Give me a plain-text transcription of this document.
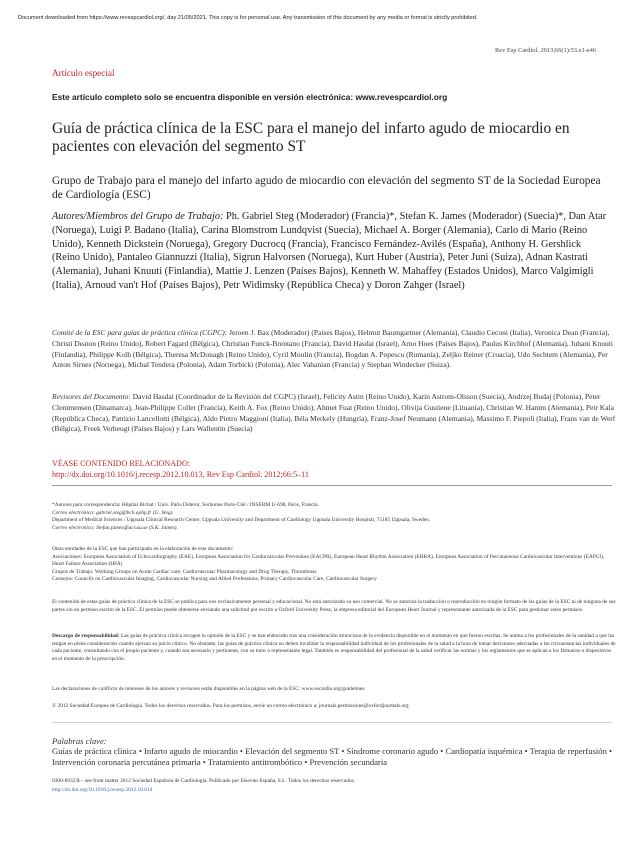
Document downloaded from https://www.revespcardiol.org/, day 21/05/2021. This copy is for personal use. Any transmission of this document by any media or format is strictly prohibited.
Rev Esp Cardiol. 2013;66(1):53.e1-e46
Artículo especial
Este artículo completo solo se encuentra disponible en versión electrónica: www.revespcardiol.org
Guía de práctica clínica de la ESC para el manejo del infarto agudo de miocardio en pacientes con elevación del segmento ST
Grupo de Trabajo para el manejo del infarto agudo de miocardio con elevación del segmento ST de la Sociedad Europea de Cardiología (ESC)
Autores/Miembros del Grupo de Trabajo: Ph. Gabriel Steg (Moderador) (Francia)*, Stefan K. James (Moderador) (Suecia)*, Dan Atar (Noruega), Luigi P. Badano (Italia), Carina Blomstrom Lundqvist (Suecia), Michael A. Borger (Alemania), Carlo di Mario (Reino Unido), Kenneth Dickstein (Noruega), Gregory Ducrocq (Francia), Francisco Fernández-Avilés (España), Anthony H. Gershlick (Reino Unido), Pantaleo Giannuzzi (Italia), Sigrun Halvorsen (Noruega), Kurt Huber (Austria), Peter Juni (Suiza), Adnan Kastrati (Alemania), Juhani Knuuti (Finlandia), Mattie J. Lenzen (Países Bajos), Kenneth W. Mahaffey (Estados Unidos), Marco Valgimigli (Italia), Arnoud van't Hof (Países Bajos), Petr Widimsky (República Checa) y Doron Zahger (Israel)
Comité de la ESC para guías de práctica clínica (CGPC): Jeroen J. Bax (Moderador) (Países Bajos), Helmut Baumgartner (Alemania), Claudio Ceconi (Italia), Veronica Dean (Francia), Christi Deaton (Reino Unido), Robert Fagard (Bélgica), Christian Funck-Brentano (Francia), David Hasdai (Israel), Arno Hoes (Países Bajos), Paulus Kirchhof (Alemania), Juhani Knuuti (Finlandia), Philippe Kolh (Bélgica), Theresa McDonagh (Reino Unido), Cyril Moulin (Francia), Bogdan A. Popescu (Rumanía), Zeljko Reiner (Croacia), Udo Sechtem (Alemania), Per Anton Sirnes (Noruega), Michal Tendera (Polonia), Adam Torbicki (Polonia), Alec Vahanian (Francia) y Stephan Windecker (Suiza).
Revisores del Documento: David Hasdai (Coordinador de la Revisión del CGPC) (Israel), Felicity Astin (Reino Unido), Karin Astrom-Olsson (Suecia), Andrzej Budaj (Polonia), Peter Clemmensen (Dinamarca), Jean-Philippe Collet (Francia), Keith A. Fox (Reino Unido), Ahmet Fuat (Reino Unido), Olivija Gustiene (Lituania), Christian W. Hamm (Alemania), Petr Kala (República Checa), Patrizio Lancellotti (Bélgica), Aldo Pietro Maggioni (Italia), Béla Merkely (Hungría), Franz-Josef Neumann (Alemania), Massimo F. Piepoli (Italia), Frans van de Werf (Bélgica), Freek Verheugt (Países Bajos) y Lars Wallentin (Suecia)
VÉASE CONTENIDO RELACIONADO:
http://dx.doi.org/10.1016/j.recesp.2012.10.013, Rev Esp Cardiol. 2012;66:5–11
*Autores para correspondencia: Hôpital Bichat / Univ. Paris Diderot, Sorbonne Paris-Cité / INSERM U-698, Paris, Francia.
Correo electrónico: gabriel.steg@bch.aphp.fr (G. Steg).
Department of Medical Sciences / Uppsala Clinical Research Center, Uppsala University and Department of Cardiology Uppsala University Hospital, 75185 Uppsala, Sweden.
Correo electrónico: Stefan.james@ucr.uu.se (S.K. James).
Otras entidades de la ESC que han participado en la elaboración de este documento:
Asociaciones: European Association of Echocardiography (EAE), European Association for Cardiovascular Prevention (EACPR), European Heart Rhythm Association (EHRA), European Association of Percutaneous Cardiovascular Interventions (EAPCI), Heart Failure Association (HFA)
Grupos de Trabajo: Working Groups on Acute Cardiac care, Cardiovascular Pharmacology and Drug Therapy, Thrombosis
Consejos: Councils on Cardiovascular Imaging, Cardiovascular Nursing and Allied Professions, Primary Cardiovascular Care, Cardiovascular Surgery
El contenido de estas guías de práctica clínica de la ESC se publica para uso exclusivamente personal y educacional. No está autorizado su uso comercial. No se autoriza la traducción o reproducción en ningún formato de las guías de la ESC ni de ninguna de sus partes sin un permiso escrito de la ESC. El permiso puede obtenerse enviando una solicitud por escrito a Oxford University Press, la empresa editorial del European Heart Journal y representante autorizada de la ESC para gestionar estos permisos
Descargo de responsabilidad: Las guías de práctica clínica recogen la opinión de la ESC y se han elaborado tras una consideración minuciosa de la evidencia disponible en el momento en que fueron escritas. Se anima a los profesionales de la sanidad a que las tengan en plena consideración cuando ejerzan su juicio clínico. No obstante, las guías de práctica clínica no deben invalidar la responsabilidad individual de los profesionales de la salud a la hora de tomar decisiones adecuadas a las circunstancias individuales de cada paciente, consultando con el propio paciente y, cuando sea necesario y pertinente, con su tutor o representante legal. También es responsabilidad del profesional de la salud verificar las normas y los reglamentos que se aplican a los fármacos o dispositivos en el momento de la prescripción.
Las declaraciones de conflicto de intereses de los autores y revisores están disponibles en la página web de la ESC: www.escardio.org/guidelines
© 2012 Sociedad Europea de Cardiología. Todos los derechos reservados. Para los permisos, envíe un correo electrónico a: journals.permissions@oxfordjournals.org
Palabras clave:
Guías de práctica clínica • Infarto agudo de miocardio • Elevación del segmento ST • Síndrome coronario agudo • Cardiopatía isquémica • Terapia de reperfusión • Intervención coronaria percutánea primaria • Tratamiento antitrombótico • Prevención secundaria
0300-8932/$ – see front matter 2012 Sociedad Española de Cardiología. Publicado por Elsevier España, S.L. Todos los derechos reservados.
http://dx.doi.org/10.1016/j.recesp.2012.10.014
